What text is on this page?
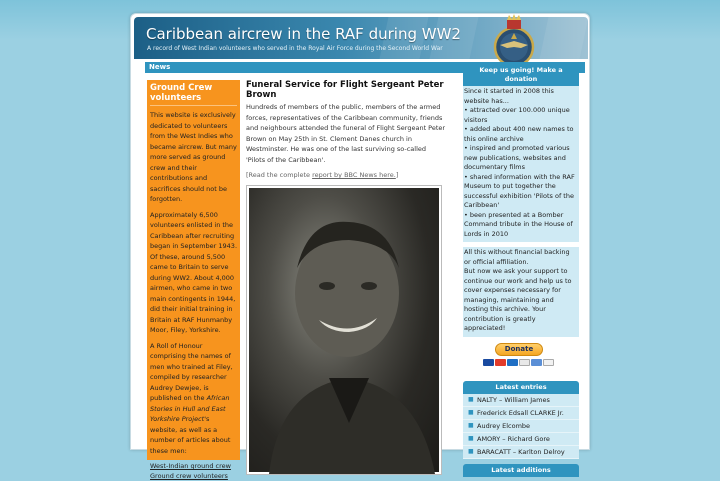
Caribbean aircrew in the RAF during WW2
A record of West Indian volunteers who served in the Royal Air Force during the Second World War
News
Ground Crew volunteers

This website is exclusively dedicated to volunteers from the West Indies who became aircrew. But many more served as ground crew and their contributions and sacrifices should not be forgotten.

Approximately 6,500 volunteers enlisted in the Caribbean after recruiting began in September 1943. Of these, around 5,500 came to Britain to serve during WW2. About 4,000 airmen, who came in two main contingents in 1944, did their initial training in Britain at RAF Hunmanby Moor, Filey, Yorkshire.

A Roll of Honour comprising the names of men who trained at Filey, compiled by researcher Audrey Dewjee, is published on the African Stories in Hull and East Yorkshire Project's website, as well as a number of articles about these men:

West-Indian ground crew
Ground crew volunteers
Funeral Service for Flight Sergeant Peter Brown
Hundreds of members of the public, members of the armed forces, representatives of the Caribbean community, friends and neighbours attended the funeral of Flight Sergeant Peter Brown on May 25th in St. Clement Danes church in Westminster. He was one of the last surviving so-called 'Pilots of the Caribbean'.
[Read the complete report by BBC News here.]
Keep us going! Make a donation
Since it started in 2008 this website has...
• attracted over 100.000 unique visitors
• added about 400 new names to this online archive
• inspired and promoted various new publications, websites and documentary films
• shared information with the RAF Museum to put together the successful exhibition 'Pilots of the Caribbean'
• been presented at a Bomber Command tribute in the House of Lords in 2010
All this without financial backing or official affiliation.
But now we ask your support to continue our work and help us to cover expenses necessary for managing, maintaining and hosting this archive. Your contribution is greatly appreciated!
Donate
Latest entries
■ NALTY – William James
■ Frederick Edsall CLARKE Jr.
■ Audrey Elcombe
■ AMORY – Richard Gore
■ BARACATT – Karlton Delroy
Latest additions
